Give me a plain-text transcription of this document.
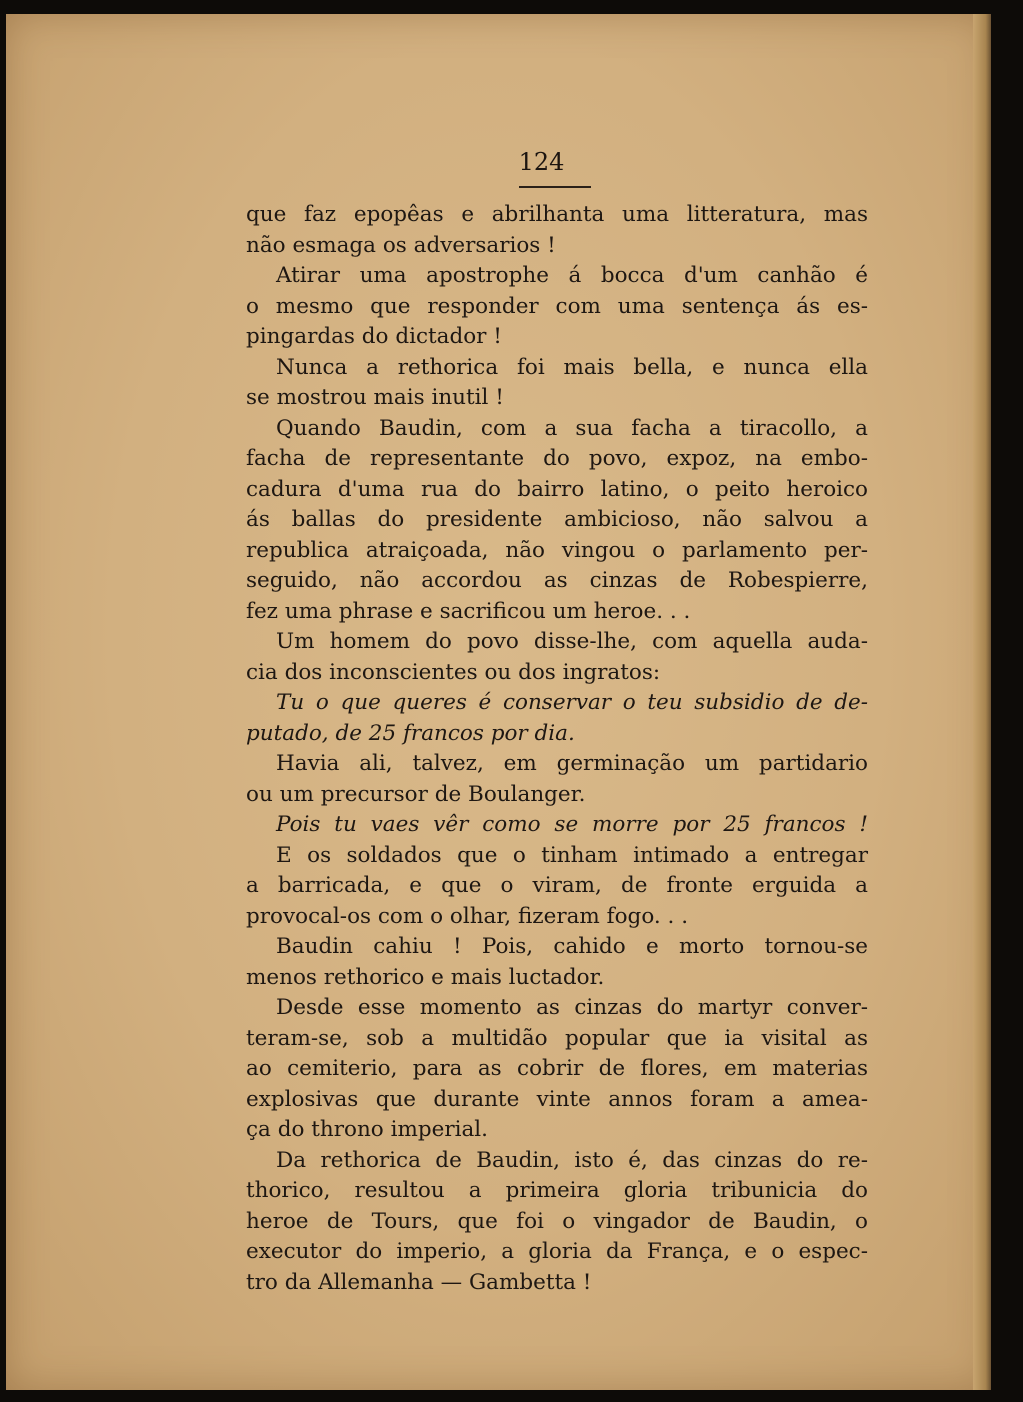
124
que faz epopêas e abrilhanta uma litteratura, mas
não esmaga os adversarios !
Atirar uma apostrophe á bocca d'um canhão é
o mesmo que responder com uma sentença ás es-
pingardas do dictador !
Nunca a rethorica foi mais bella, e nunca ella
se mostrou mais inutil !
Quando Baudin, com a sua facha a tiracollo, a
facha de representante do povo, expoz, na embo-
cadura d'uma rua do bairro latino, o peito heroico
ás ballas do presidente ambicioso, não salvou a
republica atraiçoada, não vingou o parlamento per-
seguido, não accordou as cinzas de Robespierre,
fez uma phrase e sacrificou um heroe. . .
Um homem do povo disse-lhe, com aquella auda-
cia dos inconscientes ou dos ingratos:
Tu o que queres é conservar o teu subsidio de de-
putado, de 25 francos por dia.
Havia ali, talvez, em germinação um partidario
ou um precursor de Boulanger.
Pois tu vaes vêr como se morre por 25 francos !
E os soldados que o tinham intimado a entregar
a barricada, e que o viram, de fronte erguida a
provocal-os com o olhar, fizeram fogo. . .
Baudin cahiu ! Pois, cahido e morto tornou-se
menos rethorico e mais luctador.
Desde esse momento as cinzas do martyr conver-
teram-se, sob a multidão popular que ia visital as
ao cemiterio, para as cobrir de flores, em materias
explosivas que durante vinte annos foram a amea-
ça do throno imperial.
Da rethorica de Baudin, isto é, das cinzas do re-
thorico, resultou a primeira gloria tribunicia do
heroe de Tours, que foi o vingador de Baudin, o
executor do imperio, a gloria da França, e o espec-
tro da Allemanha — Gambetta !
